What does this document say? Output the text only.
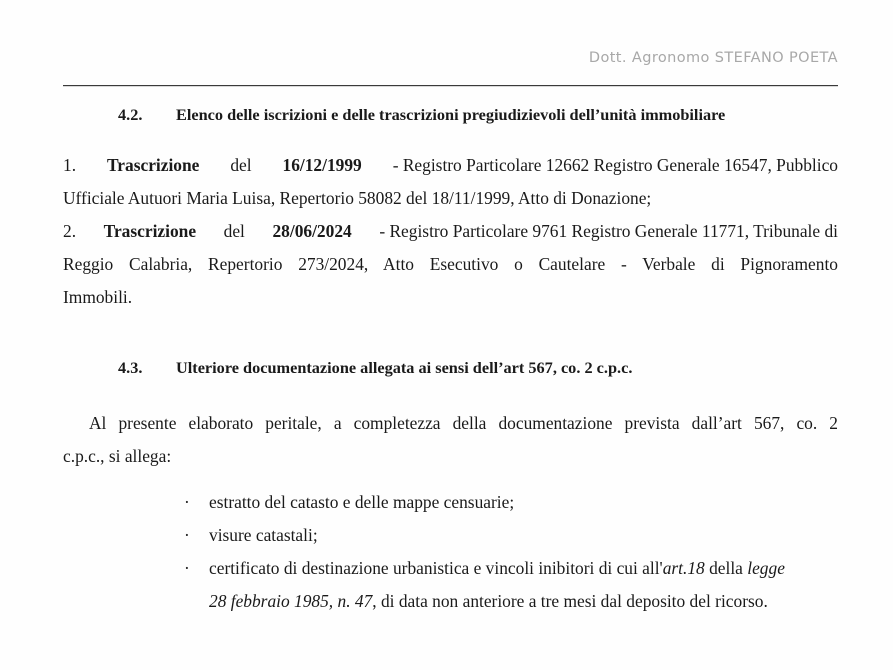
Dott. Agronomo STEFANO POETA
4.2.	Elenco delle iscrizioni e delle trascrizioni pregiudizievoli dell’unità immobiliare
1. Trascrizione del 16/12/1999 - Registro Particolare 12662 Registro Generale 16547, Pubblico
Ufficiale Autuori Maria Luisa, Repertorio 58082 del 18/11/1999, Atto di Donazione;
2. Trascrizione del 28/06/2024 - Registro Particolare 9761 Registro Generale 11771, Tribunale di
Reggio Calabria, Repertorio 273/2024, Atto Esecutivo o Cautelare - Verbale di Pignoramento
Immobili.
4.3.	Ulteriore documentazione allegata ai sensi dell’art 567, co. 2 c.p.c.
Al presente elaborato peritale, a completezza della documentazione prevista dall’art 567, co. 2
c.p.c., si allega:
· estratto del catasto e delle mappe censuarie;
· visure catastali;
· certificato di destinazione urbanistica e vincoli inibitori di cui all'art.18 della legge
28 febbraio 1985, n. 47, di data non anteriore a tre mesi dal deposito del ricorso.
